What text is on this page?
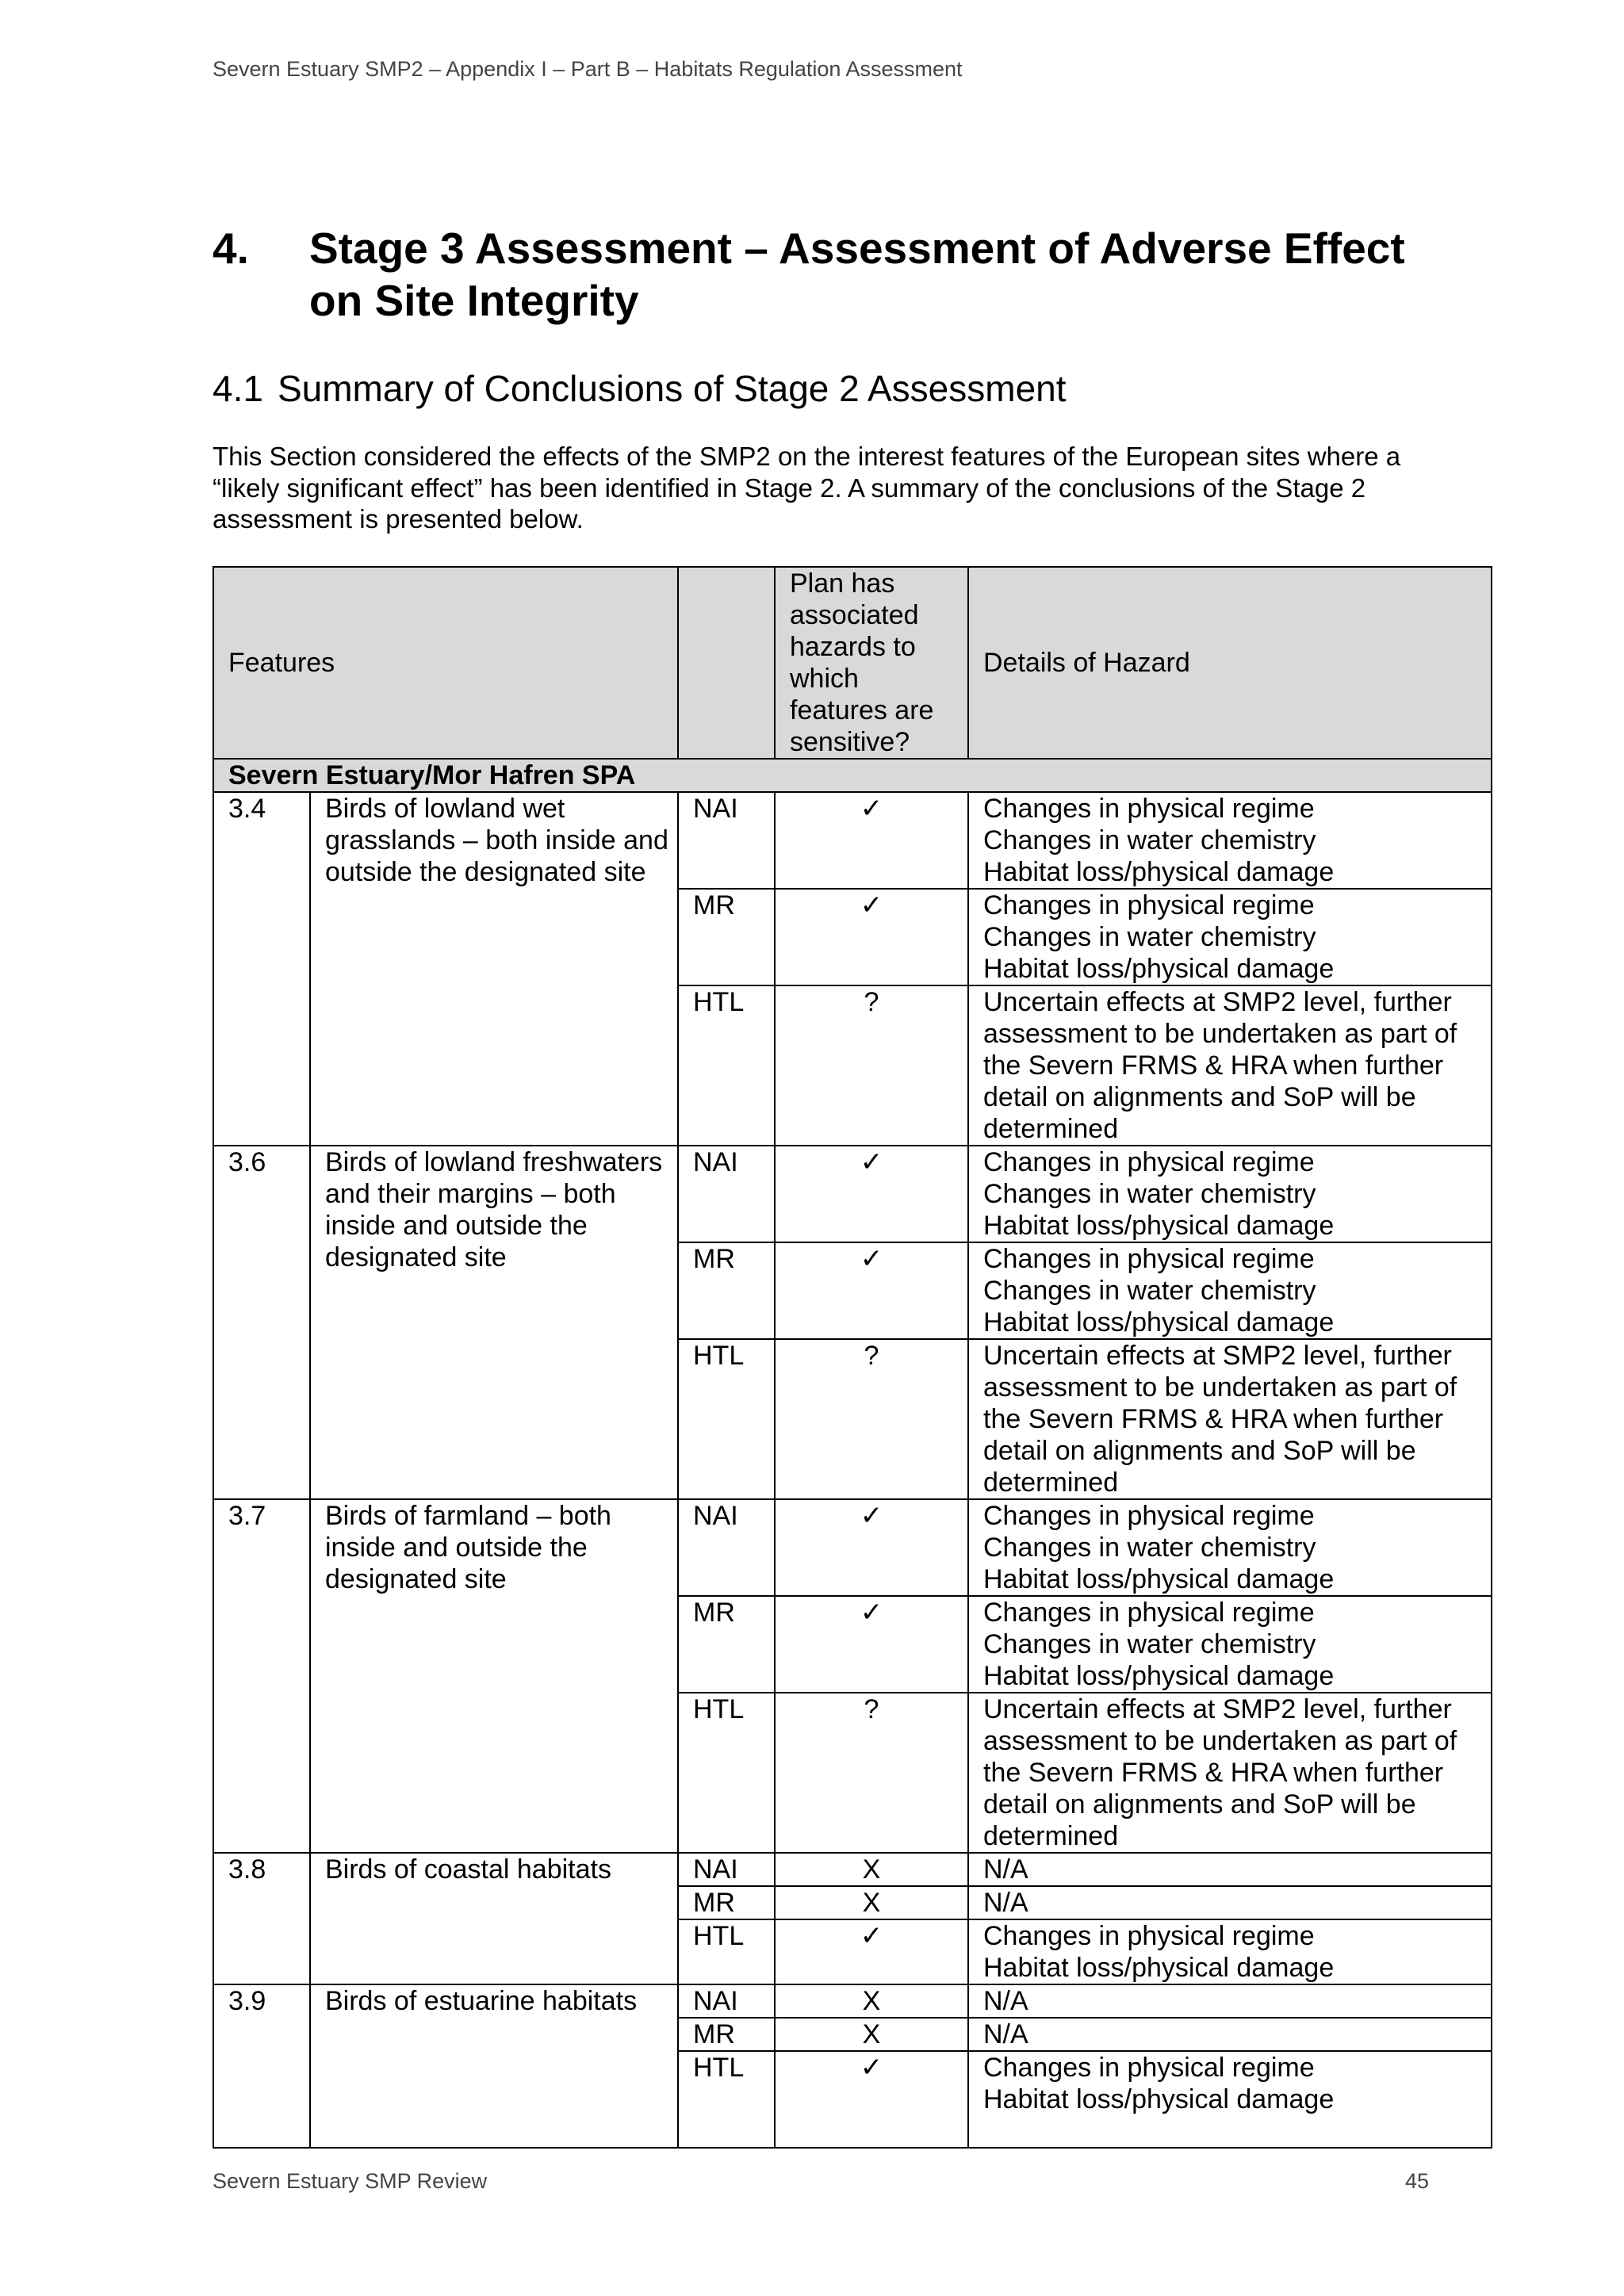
Severn Estuary SMP2 – Appendix I – Part B – Habitats Regulation Assessment
4.	Stage 3 Assessment – Assessment of Adverse Effect on Site Integrity
4.1 Summary of Conclusions of Stage 2 Assessment

This Section considered the effects of the SMP2 on the interest features of the European sites where a “likely significant effect” has been identified in Stage 2. A summary of the conclusions of the Stage 2 assessment is presented below.

Features			Plan has associated hazards to which features are sensitive?	Details of Hazard
Severn Estuary/Mor Hafren SPA				
3.4	Birds of lowland wet grasslands – both inside and outside the designated site	NAI	✓	Changes in physical regime
Changes in water chemistry
Habitat loss/physical damage
		MR	✓	Changes in physical regime
Changes in water chemistry
Habitat loss/physical damage
		HTL	?	Uncertain effects at SMP2 level, further assessment to be undertaken as part of the Severn FRMS & HRA when further detail on alignments and SoP will be determined
3.6	Birds of lowland freshwaters and their margins – both inside and outside the designated site	NAI	✓	Changes in physical regime
Changes in water chemistry
Habitat loss/physical damage
		MR	✓	Changes in physical regime
Changes in water chemistry
Habitat loss/physical damage
		HTL	?	Uncertain effects at SMP2 level, further assessment to be undertaken as part of the Severn FRMS & HRA when further detail on alignments and SoP will be determined
3.7	Birds of farmland – both inside and outside the designated site	NAI	✓	Changes in physical regime
Changes in water chemistry
Habitat loss/physical damage
		MR	✓	Changes in physical regime
Changes in water chemistry
Habitat loss/physical damage
		HTL	?	Uncertain effects at SMP2 level, further assessment to be undertaken as part of the Severn FRMS & HRA when further detail on alignments and SoP will be determined
3.8	Birds of coastal habitats	NAI	X	N/A
		MR	X	N/A
		HTL	✓	Changes in physical regime
Habitat loss/physical damage
3.9	Birds of estuarine habitats	NAI	X	N/A
		MR	X	N/A
		HTL	✓	Changes in physical regime
Habitat loss/physical damage
Severn Estuary SMP Review	45
